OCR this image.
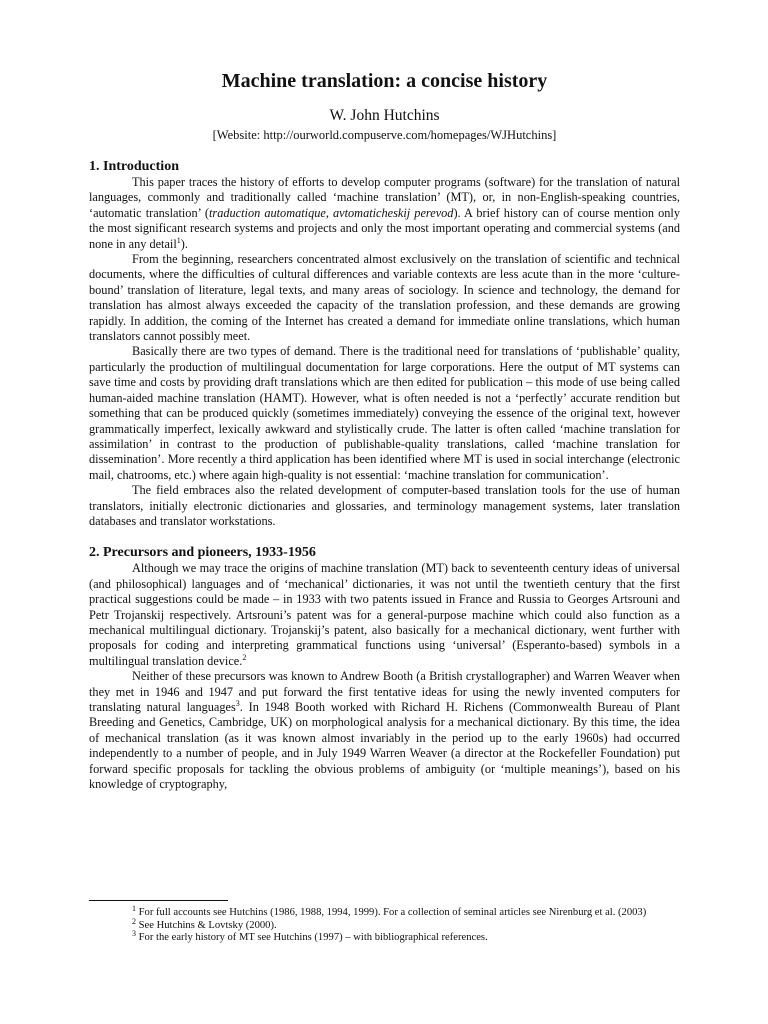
Machine translation: a concise history
W. John Hutchins
[Website: http://ourworld.compuserve.com/homepages/WJHutchins]
1. Introduction

This paper traces the history of efforts to develop computer programs (software) for the translation of natural languages, commonly and traditionally called ‘machine translation’ (MT), or, in non-English-speaking countries, ‘automatic translation’ (traduction automatique, avtomaticheskij perevod). A brief history can of course mention only the most significant research systems and projects and only the most important operating and commercial systems (and none in any detail$^1$).

From the beginning, researchers concentrated almost exclusively on the translation of scientific and technical documents, where the difficulties of cultural differences and variable contexts are less acute than in the more ‘culture-bound’ translation of literature, legal texts, and many areas of sociology. In science and technology, the demand for translation has almost always exceeded the capacity of the translation profession, and these demands are growing rapidly. In addition, the coming of the Internet has created a demand for immediate online translations, which human translators cannot possibly meet.

Basically there are two types of demand. There is the traditional need for translations of ‘publishable’ quality, particularly the production of multilingual documentation for large corporations. Here the output of MT systems can save time and costs by providing draft translations which are then edited for publication – this mode of use being called human-aided machine translation (HAMT). However, what is often needed is not a ‘perfectly’ accurate rendition but something that can be produced quickly (sometimes immediately) conveying the essence of the original text, however grammatically imperfect, lexically awkward and stylistically crude. The latter is often called ‘machine translation for assimilation’ in contrast to the production of publishable-quality translations, called ‘machine translation for dissemination’. More recently a third application has been identified where MT is used in social interchange (electronic mail, chatrooms, etc.) where again high-quality is not essential: ‘machine translation for communication’.

The field embraces also the related development of computer-based translation tools for the use of human translators, initially electronic dictionaries and glossaries, and terminology management systems, later translation databases and translator workstations.

2. Precursors and pioneers, 1933-1956

Although we may trace the origins of machine translation (MT) back to seventeenth century ideas of universal (and philosophical) languages and of ‘mechanical’ dictionaries, it was not until the twentieth century that the first practical suggestions could be made – in 1933 with two patents issued in France and Russia to Georges Artsrouni and Petr Trojanskij respectively. Artsrouni’s patent was for a general-purpose machine which could also function as a mechanical multilingual dictionary. Trojanskij’s patent, also basically for a mechanical dictionary, went further with proposals for coding and interpreting grammatical functions using ‘universal’ (Esperanto-based) symbols in a multilingual translation device.$^2$

Neither of these precursors was known to Andrew Booth (a British crystallographer) and Warren Weaver when they met in 1946 and 1947 and put forward the first tentative ideas for using the newly invented computers for translating natural languages$^3$. In 1948 Booth worked with Richard H. Richens (Commonwealth Bureau of Plant Breeding and Genetics, Cambridge, UK) on morphological analysis for a mechanical dictionary. By this time, the idea of mechanical translation (as it was known almost invariably in the period up to the early 1960s) had occurred independently to a number of people, and in July 1949 Warren Weaver (a director at the Rockefeller Foundation) put forward specific proposals for tackling the obvious problems of ambiguity (or ‘multiple meanings’), based on his knowledge of cryptography,

$^1$ For full accounts see Hutchins (1986, 1988, 1994, 1999). For a collection of seminal articles see Nirenburg et al. (2003)

$^2$ See Hutchins & Lovtsky (2000).

$^3$ For the early history of MT see Hutchins (1997) – with bibliographical references.
